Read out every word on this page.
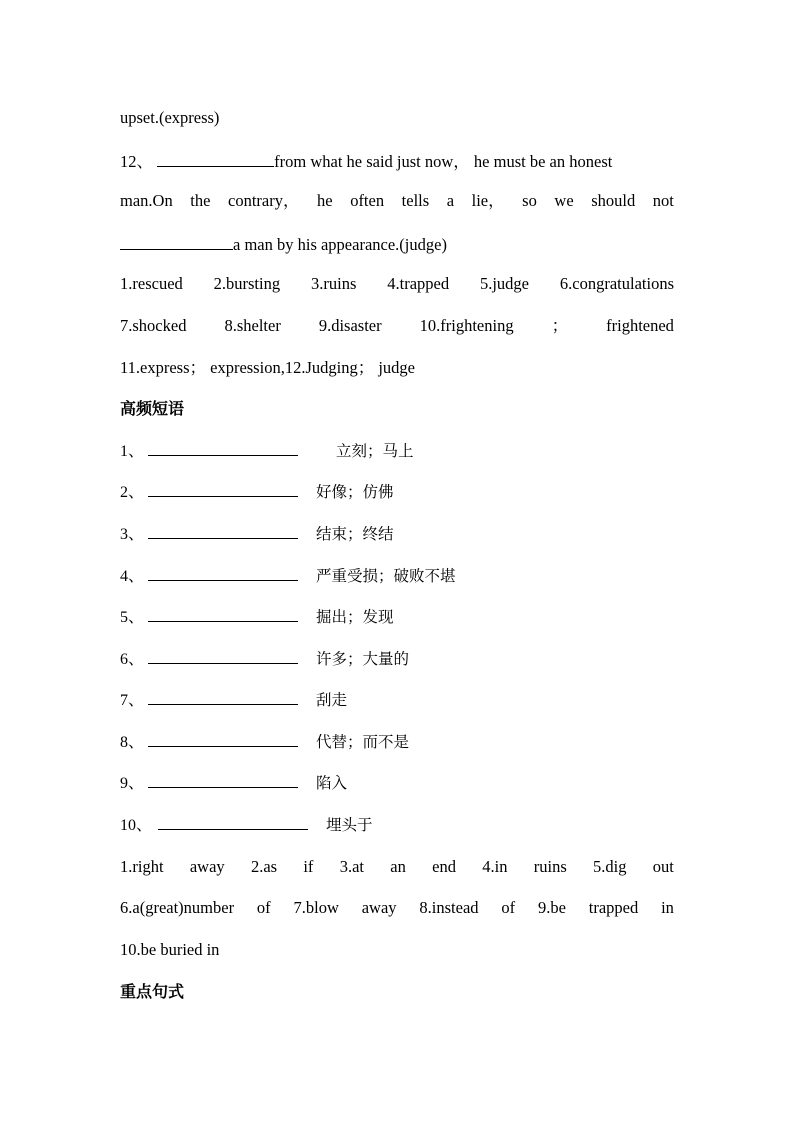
upset.(express)
12、	from what he said just now， he must be an honest
man.On the contrary， he often tells a lie， so we should not
a man by his appearance.(judge)
1.rescued 2.bursting 3.ruins 4.trapped 5.judge 6.congratulations
7.shocked 8.shelter 9.disaster 10.frightening ； frightened
11.express； expression,12.Judging； judge
高频短语
1、	立刻；马上
2、	好像；仿佛
3、	结束；终结
4、	严重受损；破败不堪
5、	掘出；发现
6、	许多；大量的
7、	刮走
8、	代替；而不是
9、	陷入
10、	埋头于
1.right away 2.as if 3.at an end 4.in ruins 5.dig out
6.a(great)number of 7.blow away 8.instead of 9.be trapped in
10.be buried in
重点句式
